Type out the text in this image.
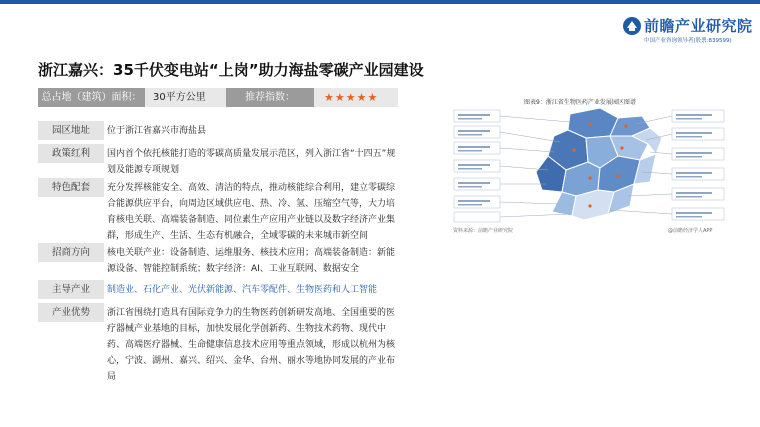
前瞻产业研究院
中国产业咨询领导者(股票:839599)
浙江嘉兴：35千伏变电站“上岗”助力海盐零碳产业园建设
总占地（建筑）面积：	30平方公里	推荐指数：	★★★★★
园区地址	位于浙江省嘉兴市海盐县
政策红利	国内首个依托核能打造的零碳高质量发展示范区，列入浙江省“十四五”规划及能源专项规划
特色配套	充分发挥核能安全、高效、清洁的特点，推动核能综合利用，建立零碳综合能源供应平台，向周边区域供应电、热、冷、氢、压缩空气等，大力培育核电关联、高端装备制造、同位素生产应用产业链以及数字经济产业集群，形成生产、生活、生态有机融合，全域零碳的未来城市新空间
招商方向	核电关联产业：设备制造、运维服务、核技术应用；高端装备制造：新能源设备、智能控制系统；数字经济：AI、工业互联网、数据安全
主导产业	制造业、石化产业、光伏新能源、汽车零配件、生物医药和人工智能
产业优势	浙江省围绕打造具有国际竞争力的生物医药创新研发高地、全国重要的医疗器械产业基地的目标，加快发展化学创新药、生物技术药物、现代中药、高端医疗器械、生命健康信息技术应用等重点领域，形成以杭州为核心，宁波、湖州、嘉兴、绍兴、金华、台州、丽水等地协同发展的产业布局
图表9：浙江省生物医药产业发展园区图谱
资料来源：前瞻产业研究院	@前瞻经济学人APP
